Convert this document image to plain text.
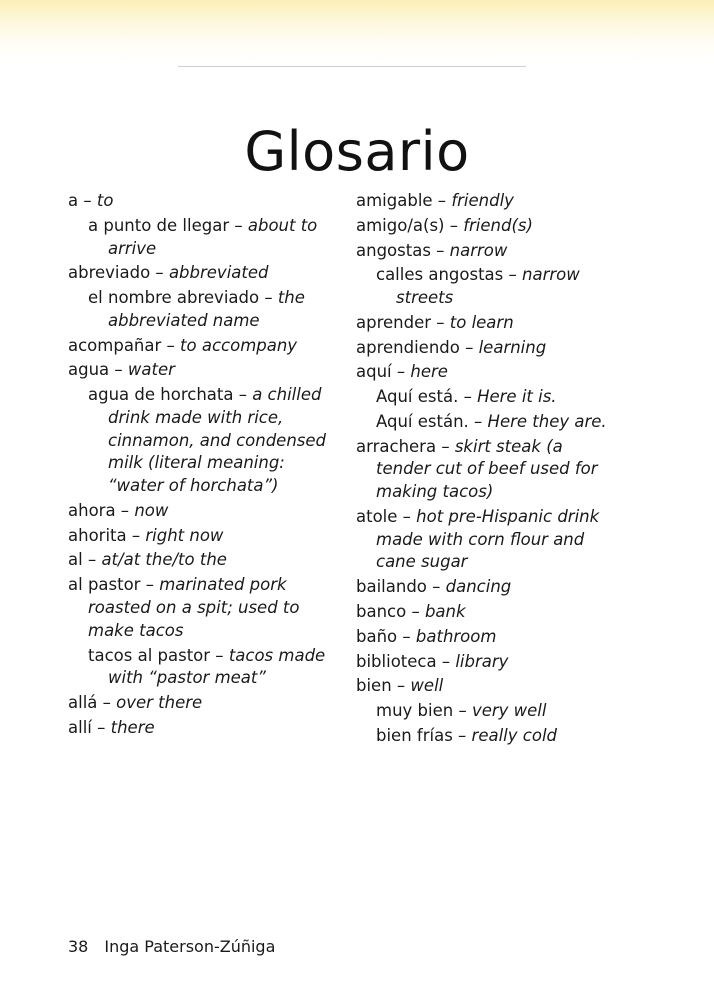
Glosario
a – to
a punto de llegar – about to arrive
abreviado – abbreviated
el nombre abreviado – the abbreviated name
acompañar – to accompany
agua – water
agua de horchata – a chilled drink made with rice, cinnamon, and condensed milk (literal meaning: “water of horchata”)
ahora – now
ahorita – right now
al – at/at the/to the
al pastor – marinated pork roasted on a spit; used to make tacos
tacos al pastor – tacos made with “pastor meat”
allá – over there
allí – there
amigable – friendly
amigo/a(s) – friend(s)
angostas – narrow
calles angostas – narrow streets
aprender – to learn
aprendiendo – learning
aquí – here
Aquí está. – Here it is.
Aquí están. – Here they are.
arrachera – skirt steak (a tender cut of beef used for making tacos)
atole – hot pre-Hispanic drink made with corn flour and cane sugar
bailando – dancing
banco – bank
baño – bathroom
biblioteca – library
bien – well
muy bien – very well
bien frías – really cold
38 Inga Paterson-Zúñiga
